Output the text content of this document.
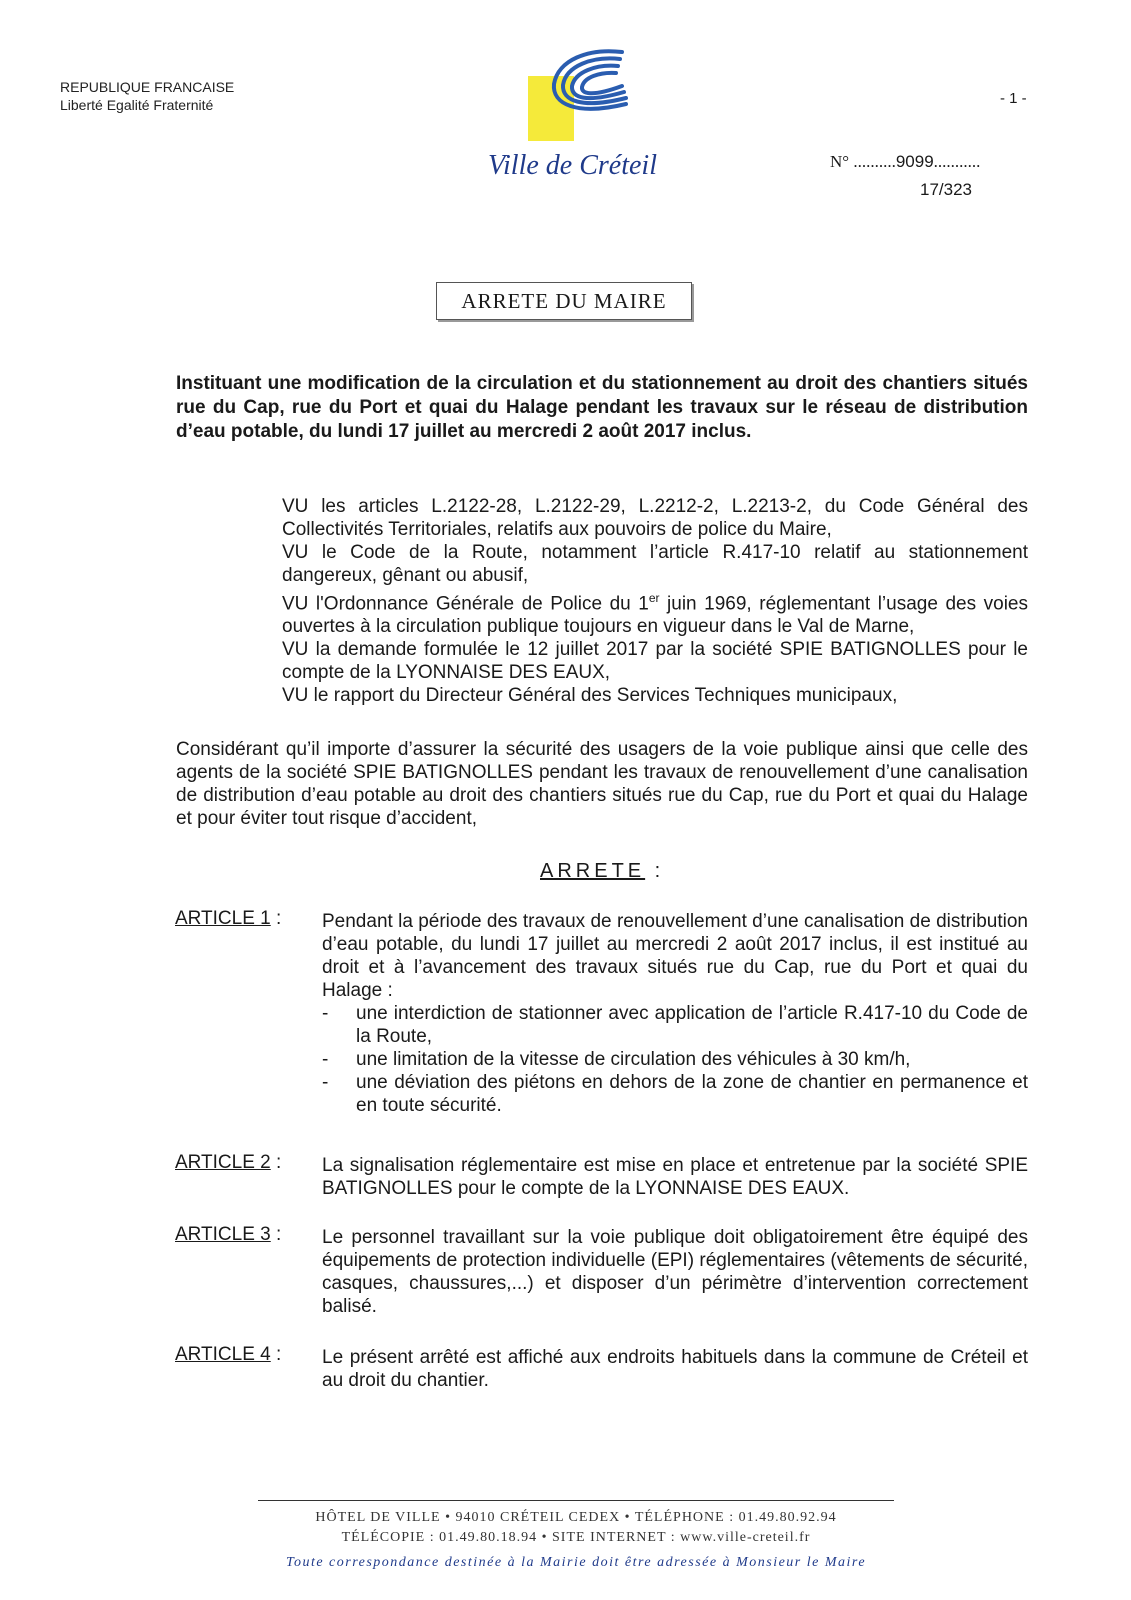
REPUBLIQUE FRANCAISE
Liberté Egalité Fraternité	- 1 -
Ville de Créteil	N° ..........9099...........
17/323
ARRETE DU MAIRE
Instituant une modification de la circulation et du stationnement au droit des chantiers situés rue du Cap, rue du Port et quai du Halage pendant les travaux sur le réseau de distribution d’eau potable, du lundi 17 juillet au mercredi 2 août 2017 inclus.
VU les articles L.2122-28, L.2122-29, L.2212-2, L.2213-2, du Code Général des Collectivités Territoriales, relatifs aux pouvoirs de police du Maire,
VU le Code de la Route, notamment l’article R.417-10 relatif au stationnement dangereux, gênant ou abusif,
VU l'Ordonnance Générale de Police du 1er juin 1969, réglementant l’usage des voies ouvertes à la circulation publique toujours en vigueur dans le Val de Marne,
VU la demande formulée le 12 juillet 2017 par la société SPIE BATIGNOLLES pour le compte de la LYONNAISE DES EAUX,
VU le rapport du Directeur Général des Services Techniques municipaux,
Considérant qu’il importe d’assurer la sécurité des usagers de la voie publique ainsi que celle des agents de la société SPIE BATIGNOLLES pendant les travaux de renouvellement d’une canalisation de distribution d’eau potable au droit des chantiers situés rue du Cap, rue du Port et quai du Halage et pour éviter tout risque d’accident,
ARRETE :
ARTICLE 1 : Pendant la période des travaux de renouvellement d’une canalisation de distribution d’eau potable, du lundi 17 juillet au mercredi 2 août 2017 inclus, il est institué au droit et à l’avancement des travaux situés rue du Cap, rue du Port et quai du Halage :
-	une interdiction de stationner avec application de l’article R.417-10 du Code de la Route,
-	une limitation de la vitesse de circulation des véhicules à 30 km/h,
-	une déviation des piétons en dehors de la zone de chantier en permanence et en toute sécurité.
ARTICLE 2 : La signalisation réglementaire est mise en place et entretenue par la société SPIE BATIGNOLLES pour le compte de la LYONNAISE DES EAUX.
ARTICLE 3 : Le personnel travaillant sur la voie publique doit obligatoirement être équipé des équipements de protection individuelle (EPI) réglementaires (vêtements de sécurité, casques, chaussures,...) et disposer d’un périmètre d’intervention correctement balisé.
ARTICLE 4 : Le présent arrêté est affiché aux endroits habituels dans la commune de Créteil et au droit du chantier.
HÔTEL DE VILLE • 94010 CRÉTEIL CEDEX • TÉLÉPHONE : 01.49.80.92.94
TÉLÉCOPIE : 01.49.80.18.94 • SITE INTERNET : www.ville-creteil.fr
Toute correspondance destinée à la Mairie doit être adressée à Monsieur le Maire
